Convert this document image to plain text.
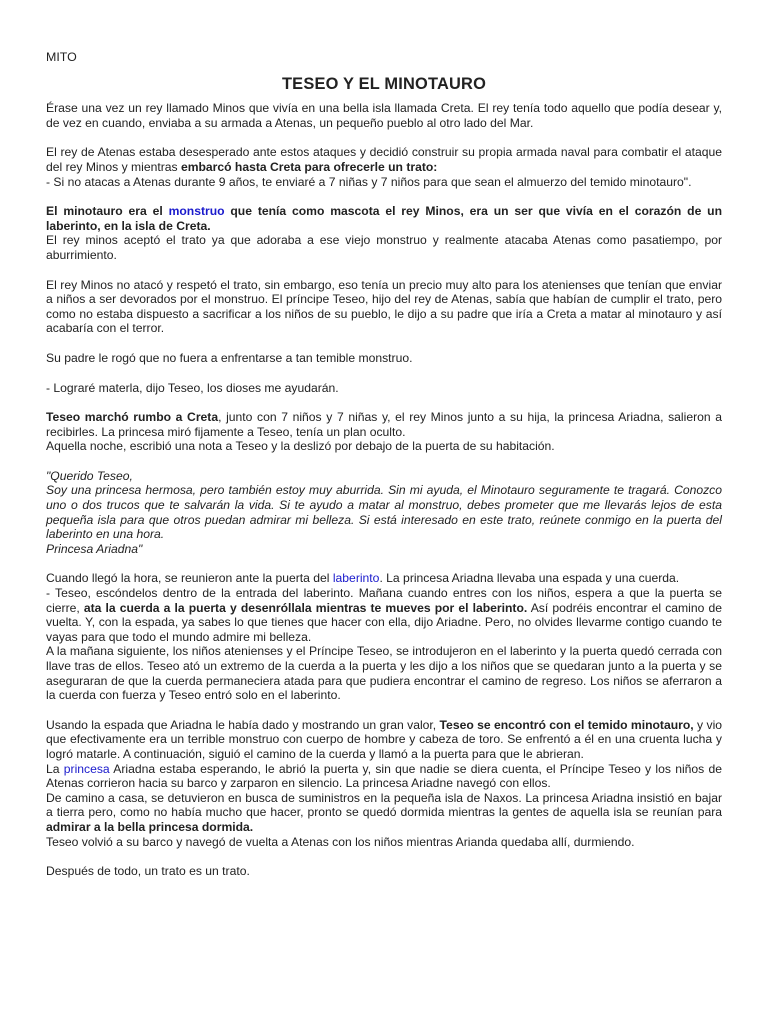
MITO

TESEO Y EL MINOTAURO

Érase una vez un rey llamado Minos que vivía en una bella isla llamada Creta. El rey tenía todo aquello que podía desear y, de vez en cuando, enviaba a su armada a Atenas, un pequeño pueblo al otro lado del Mar.

El rey de Atenas estaba desesperado ante estos ataques y decidió construir su propia armada naval para combatir el ataque del rey Minos y mientras embarcó hasta Creta para ofrecerle un trato:

- Si no atacas a Atenas durante 9 años, te enviaré a 7 niñas y 7 niños para que sean el almuerzo del temido minotauro".

El minotauro era el monstruo que tenía como mascota el rey Minos, era un ser que vivía en el corazón de un laberinto, en la isla de Creta.

El rey minos aceptó el trato ya que adoraba a ese viejo monstruo y realmente atacaba Atenas como pasatiempo, por aburrimiento.

El rey Minos no atacó y respetó el trato, sin embargo, eso tenía un precio muy alto para los atenienses que tenían que enviar a niños a ser devorados por el monstruo. El príncipe Teseo, hijo del rey de Atenas, sabía que habían de cumplir el trato, pero como no estaba dispuesto a sacrificar a los niños de su pueblo, le dijo a su padre que iría a Creta a matar al minotauro y así acabaría con el terror.

Su padre le rogó que no fuera a enfrentarse a tan temible monstruo.

- Lograré materla, dijo Teseo, los dioses me ayudarán.

Teseo marchó rumbo a Creta, junto con 7 niños y 7 niñas y, el rey Minos junto a su hija, la princesa Ariadna, salieron a recibirles. La princesa miró fijamente a Teseo, tenía un plan oculto.

Aquella noche, escribió una nota a Teseo y la deslizó por debajo de la puerta de su habitación.

"Querido Teseo,

Soy una princesa hermosa, pero también estoy muy aburrida. Sin mi ayuda, el Minotauro seguramente te tragará. Conozco uno o dos trucos que te salvarán la vida. Si te ayudo a matar al monstruo, debes prometer que me llevarás lejos de esta pequeña isla para que otros puedan admirar mi belleza. Si está interesado en este trato, reúnete conmigo en la puerta del laberinto en una hora.

Princesa Ariadna"

Cuando llegó la hora, se reunieron ante la puerta del laberinto. La princesa Ariadna llevaba una espada y una cuerda.

- Teseo, escóndelos dentro de la entrada del laberinto. Mañana cuando entres con los niños, espera a que la puerta se cierre, ata la cuerda a la puerta y desenróllala mientras te mueves por el laberinto. Así podréis encontrar el camino de vuelta. Y, con la espada, ya sabes lo que tienes que hacer con ella, dijo Ariadne. Pero, no olvides llevarme contigo cuando te vayas para que todo el mundo admire mi belleza.

A la mañana siguiente, los niños atenienses y el Príncipe Teseo, se introdujeron en el laberinto y la puerta quedó cerrada con llave tras de ellos. Teseo ató un extremo de la cuerda a la puerta y les dijo a los niños que se quedaran junto a la puerta y se aseguraran de que la cuerda permaneciera atada para que pudiera encontrar el camino de regreso. Los niños se aferraron a la cuerda con fuerza y Teseo entró solo en el laberinto.

Usando la espada que Ariadna le había dado y mostrando un gran valor, Teseo se encontró con el temido minotauro, y vio que efectivamente era un terrible monstruo con cuerpo de hombre y cabeza de toro. Se enfrentó a él en una cruenta lucha y logró matarle. A continuación, siguió el camino de la cuerda y llamó a la puerta para que le abrieran.

La princesa Ariadna estaba esperando, le abrió la puerta y, sin que nadie se diera cuenta, el Príncipe Teseo y los niños de Atenas corrieron hacia su barco y zarparon en silencio. La princesa Ariadne navegó con ellos.

De camino a casa, se detuvieron en busca de suministros en la pequeña isla de Naxos. La princesa Ariadna insistió en bajar a tierra pero, como no había mucho que hacer, pronto se quedó dormida mientras la gentes de aquella isla se reunían para admirar a la bella princesa dormida.

Teseo volvió a su barco y navegó de vuelta a Atenas con los niños mientras Arianda quedaba allí, durmiendo.

Después de todo, un trato es un trato.
